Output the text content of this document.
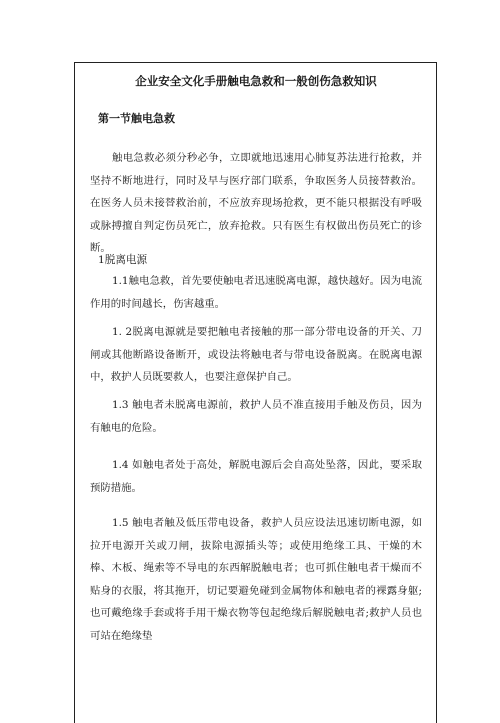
企业安全文化手册触电急救和一般创伤急救知识
第一节触电急救

触电急救必须分秒必争，立即就地迅速用心肺复苏法进行抢救，并坚持不断地进行，同时及早与医疗部门联系，争取医务人员接替救治。在医务人员未接替救治前，不应放弃现场抢救，更不能只根据没有呼吸或脉搏擅自判定伤员死亡，放弃抢救。只有医生有权做出伤员死亡的诊断。

1脱离电源

1.1触电急救，首先要使触电者迅速脱离电源，越快越好。因为电流作用的时间越长，伤害越重。

1. 2脱离电源就是要把触电者接触的那一部分带电设备的开关、刀闸或其他断路设备断开，或设法将触电者与带电设备脱离。在脱离电源中，救护人员既要救人，也要注意保护自己。

1.3 触电者未脱离电源前，救护人员不准直接用手触及伤员，因为有触电的危险。

1.4 如触电者处于高处，解脱电源后会自高处坠落，因此，要采取预防措施。

1.5 触电者触及低压带电设备，救护人员应设法迅速切断电源，如拉开电源开关或刀闸，拔除电源插头等；或使用绝缘工具、干燥的木棒、木板、绳索等不导电的东西解脱触电者；也可抓住触电者干燥而不贴身的衣服，将其拖开，切记要避免碰到金属物体和触电者的裸露身躯;也可戴绝缘手套或将手用干燥衣物等包起绝缘后解脱触电者;救护人员也可站在绝缘垫
